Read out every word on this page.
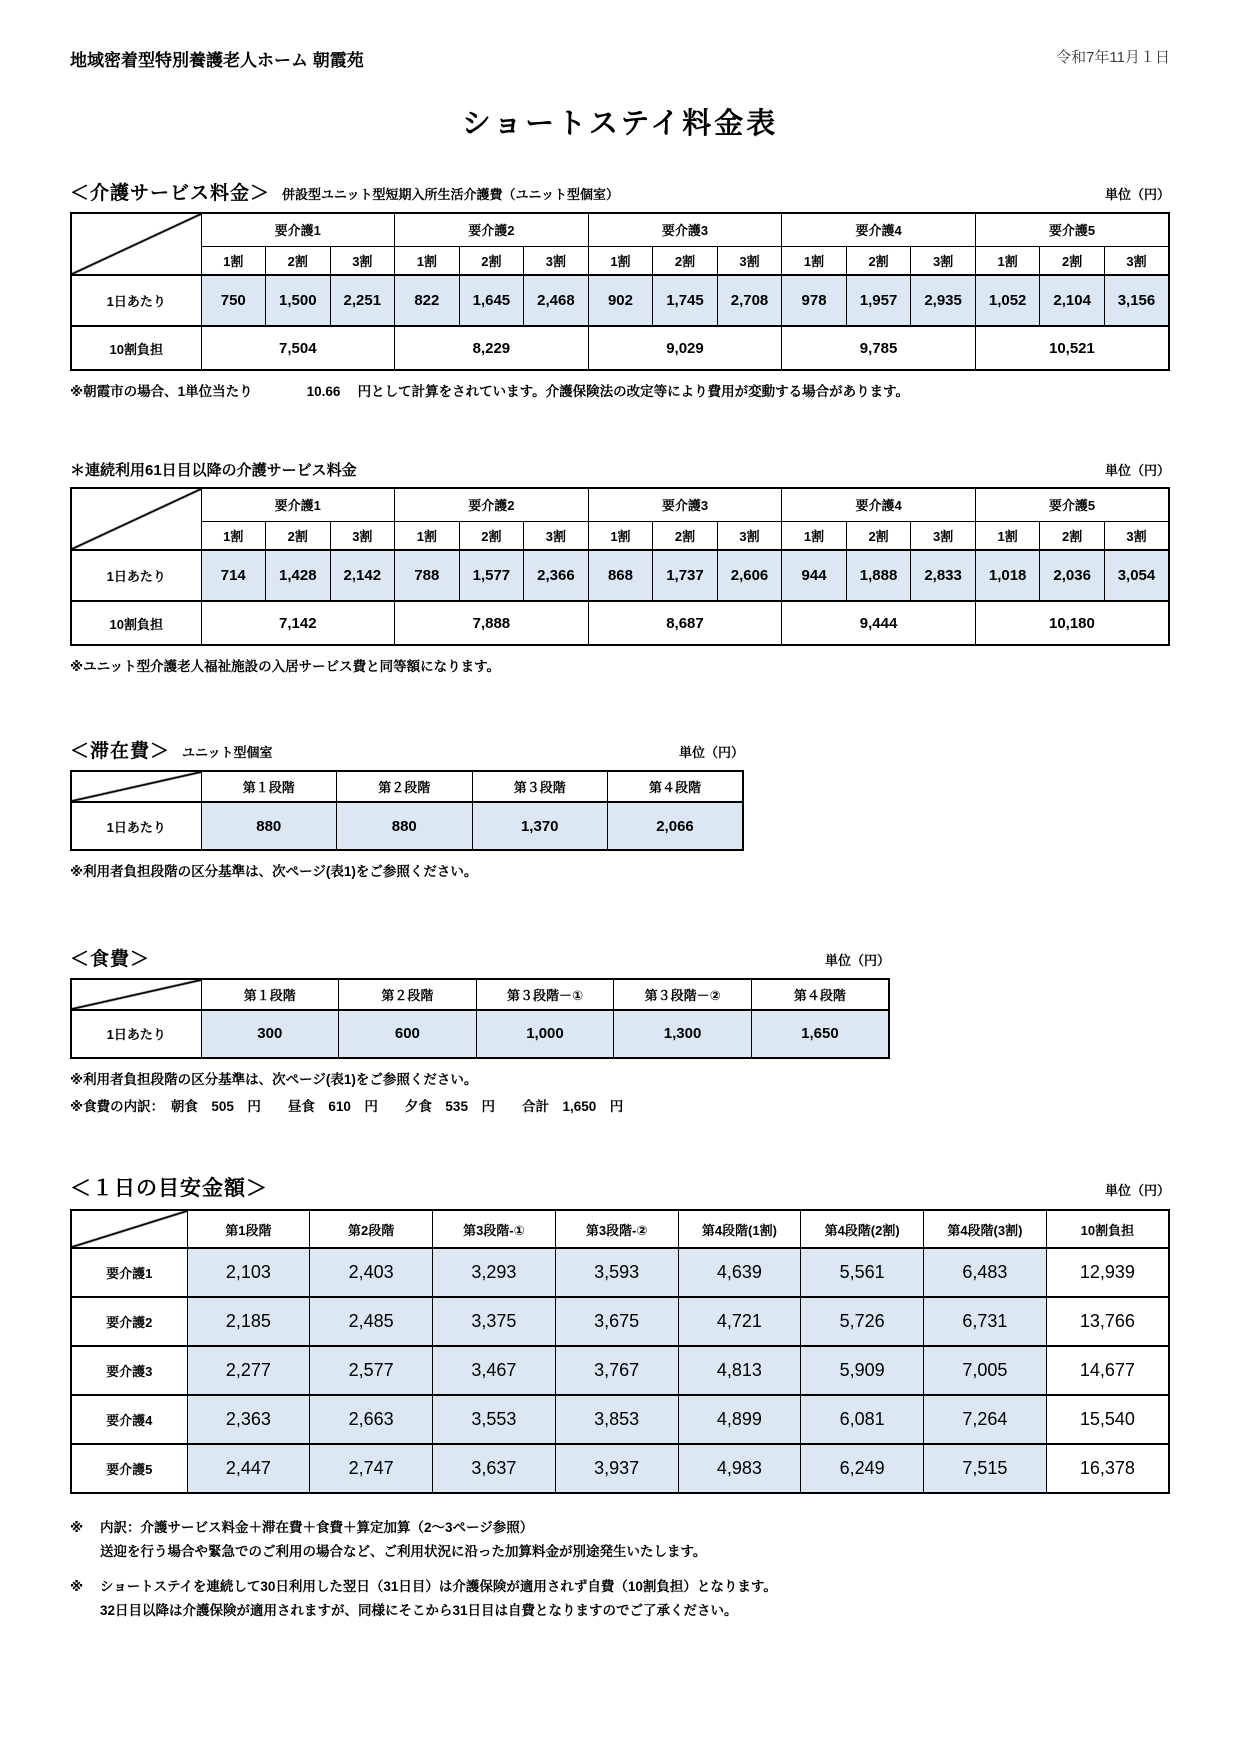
地域密着型特別養護老人ホーム 朝霞苑	令和7年11月１日
ショートステイ料金表
＜介護サービス料金＞ 併設型ユニット型短期入所生活介護費（ユニット型個室）	単位（円）
	要介護1			要介護2			要介護3			要介護4			要介護5		
	1割	2割	3割	1割	2割	3割	1割	2割	3割	1割	2割	3割	1割	2割	3割
1日あたり	750	1,500	2,251	822	1,645	2,468	902	1,745	2,708	978	1,957	2,935	1,052	2,104	3,156
10割負担	7,504			8,229			9,029			9,785			10,521		
※朝霞市の場合、1単位当たり　　　　10.66　 円として計算をされています。介護保険法の改定等により費用が変動する場合があります。
＊連続利用61日目以降の介護サービス料金	単位（円）
	要介護1			要介護2			要介護3			要介護4			要介護5		
	1割	2割	3割	1割	2割	3割	1割	2割	3割	1割	2割	3割	1割	2割	3割
1日あたり	714	1,428	2,142	788	1,577	2,366	868	1,737	2,606	944	1,888	2,833	1,018	2,036	3,054
10割負担	7,142			7,888			8,687			9,444			10,180		
※ユニット型介護老人福祉施設の入居サービス費と同等額になります。
＜滞在費＞ ユニット型個室	単位（円）
	第１段階	第２段階	第３段階	第４段階
1日あたり	880	880	1,370	2,066
※利用者負担段階の区分基準は、次ページ(表1)をご参照ください。
＜食費＞	単位（円）
	第１段階	第２段階	第３段階－①	第３段階－②	第４段階
1日あたり	300	600	1,000	1,300	1,650
※利用者負担段階の区分基準は、次ページ(表1)をご参照ください。
※食費の内訳：　朝食　505　円　　昼食　610　円　　夕食　535　円　　合計　1,650　円
＜１日の目安金額＞	単位（円）
	第1段階	第2段階	第3段階-①	第3段階-②	第4段階(1割)	第4段階(2割)	第4段階(3割)	10割負担
要介護1	2,103	2,403	3,293	3,593	4,639	5,561	6,483	12,939
要介護2	2,185	2,485	3,375	3,675	4,721	5,726	6,731	13,766
要介護3	2,277	2,577	3,467	3,767	4,813	5,909	7,005	14,677
要介護4	2,363	2,663	3,553	3,853	4,899	6,081	7,264	15,540
要介護5	2,447	2,747	3,637	3,937	4,983	6,249	7,515	16,378
※	内訳：介護サービス料金＋滞在費＋食費＋算定加算（2～3ページ参照）
送迎を行う場合や緊急でのご利用の場合など、ご利用状況に沿った加算料金が別途発生いたします。
※	ショートステイを連続して30日利用した翌日（31日目）は介護保険が適用されず自費（10割負担）となります。
32日目以降は介護保険が適用されますが、同様にそこから31日目は自費となりますのでご了承ください。
